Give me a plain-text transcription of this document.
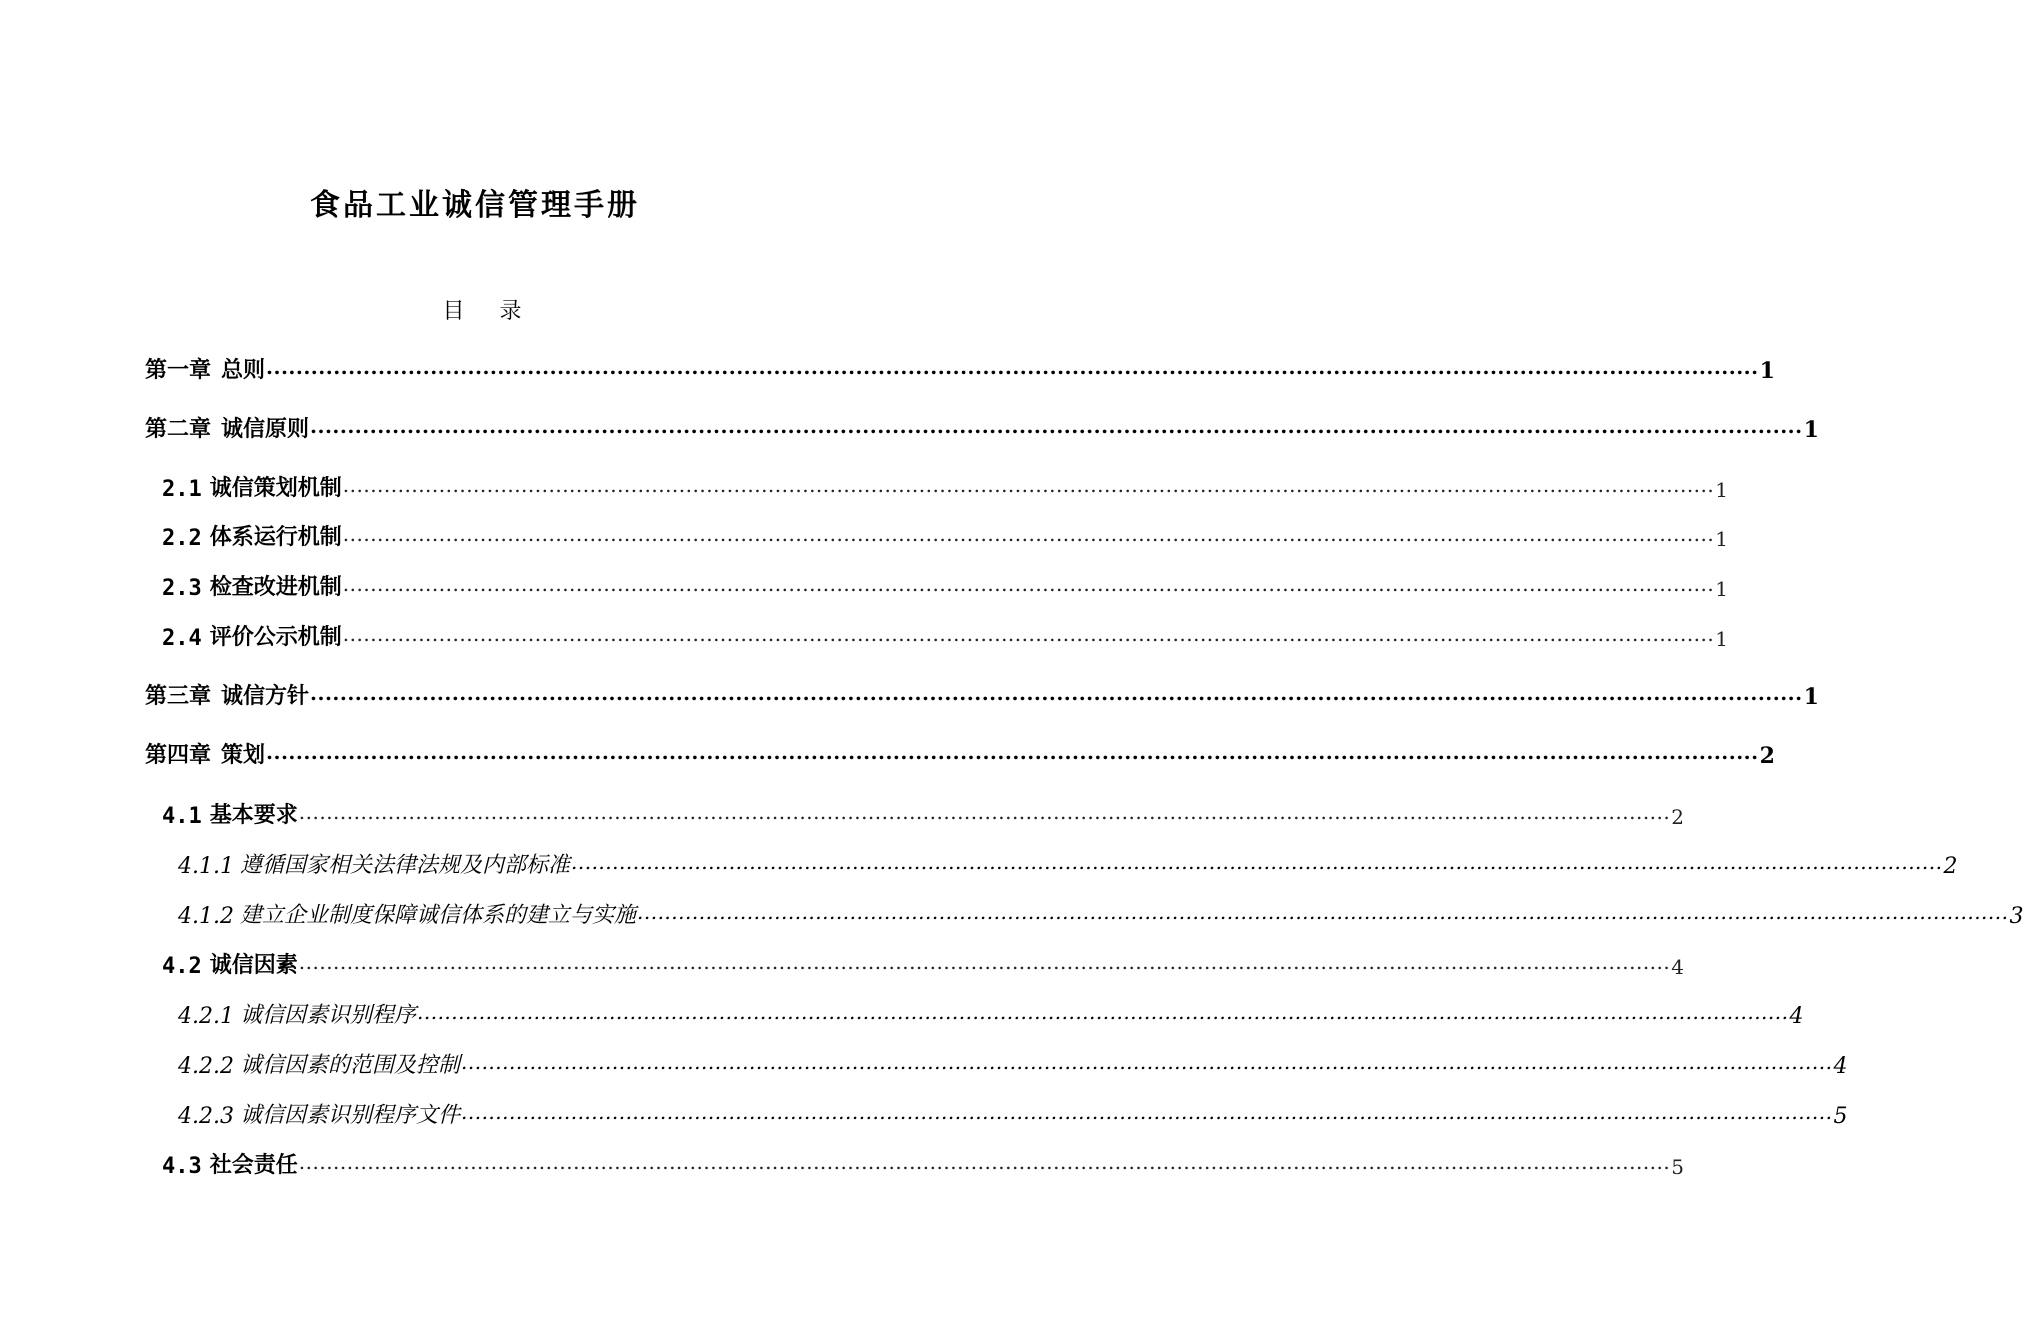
食品工业诚信管理手册
目 录
第一章 总则 ........................................................................................................................................................................................................ 1
第二章 诚信原则 ........................................................................................................................................................................................................ 1
2.1 诚信策划机制 ........................................................................................................................................................................................................ 1
2.2 体系运行机制 ........................................................................................................................................................................................................ 1
2.3 检查改进机制 ........................................................................................................................................................................................................ 1
2.4 评价公示机制 ........................................................................................................................................................................................................ 1
第三章 诚信方针 ........................................................................................................................................................................................................ 1
第四章 策划 ........................................................................................................................................................................................................ 2
4.1 基本要求 ........................................................................................................................................................................................................ 2
4.1.1 遵循国家相关法律法规及内部标准 ........................................................................................................................................................................................................ 2
4.1.2 建立企业制度保障诚信体系的建立与实施 ........................................................................................................................................................................................................ 3
4.2 诚信因素 ........................................................................................................................................................................................................ 4
4.2.1 诚信因素识别程序 ........................................................................................................................................................................................................ 4
4.2.2 诚信因素的范围及控制 ........................................................................................................................................................................................................ 4
4.2.3 诚信因素识别程序文件 ........................................................................................................................................................................................................ 5
4.3 社会责任 ........................................................................................................................................................................................................ 5
